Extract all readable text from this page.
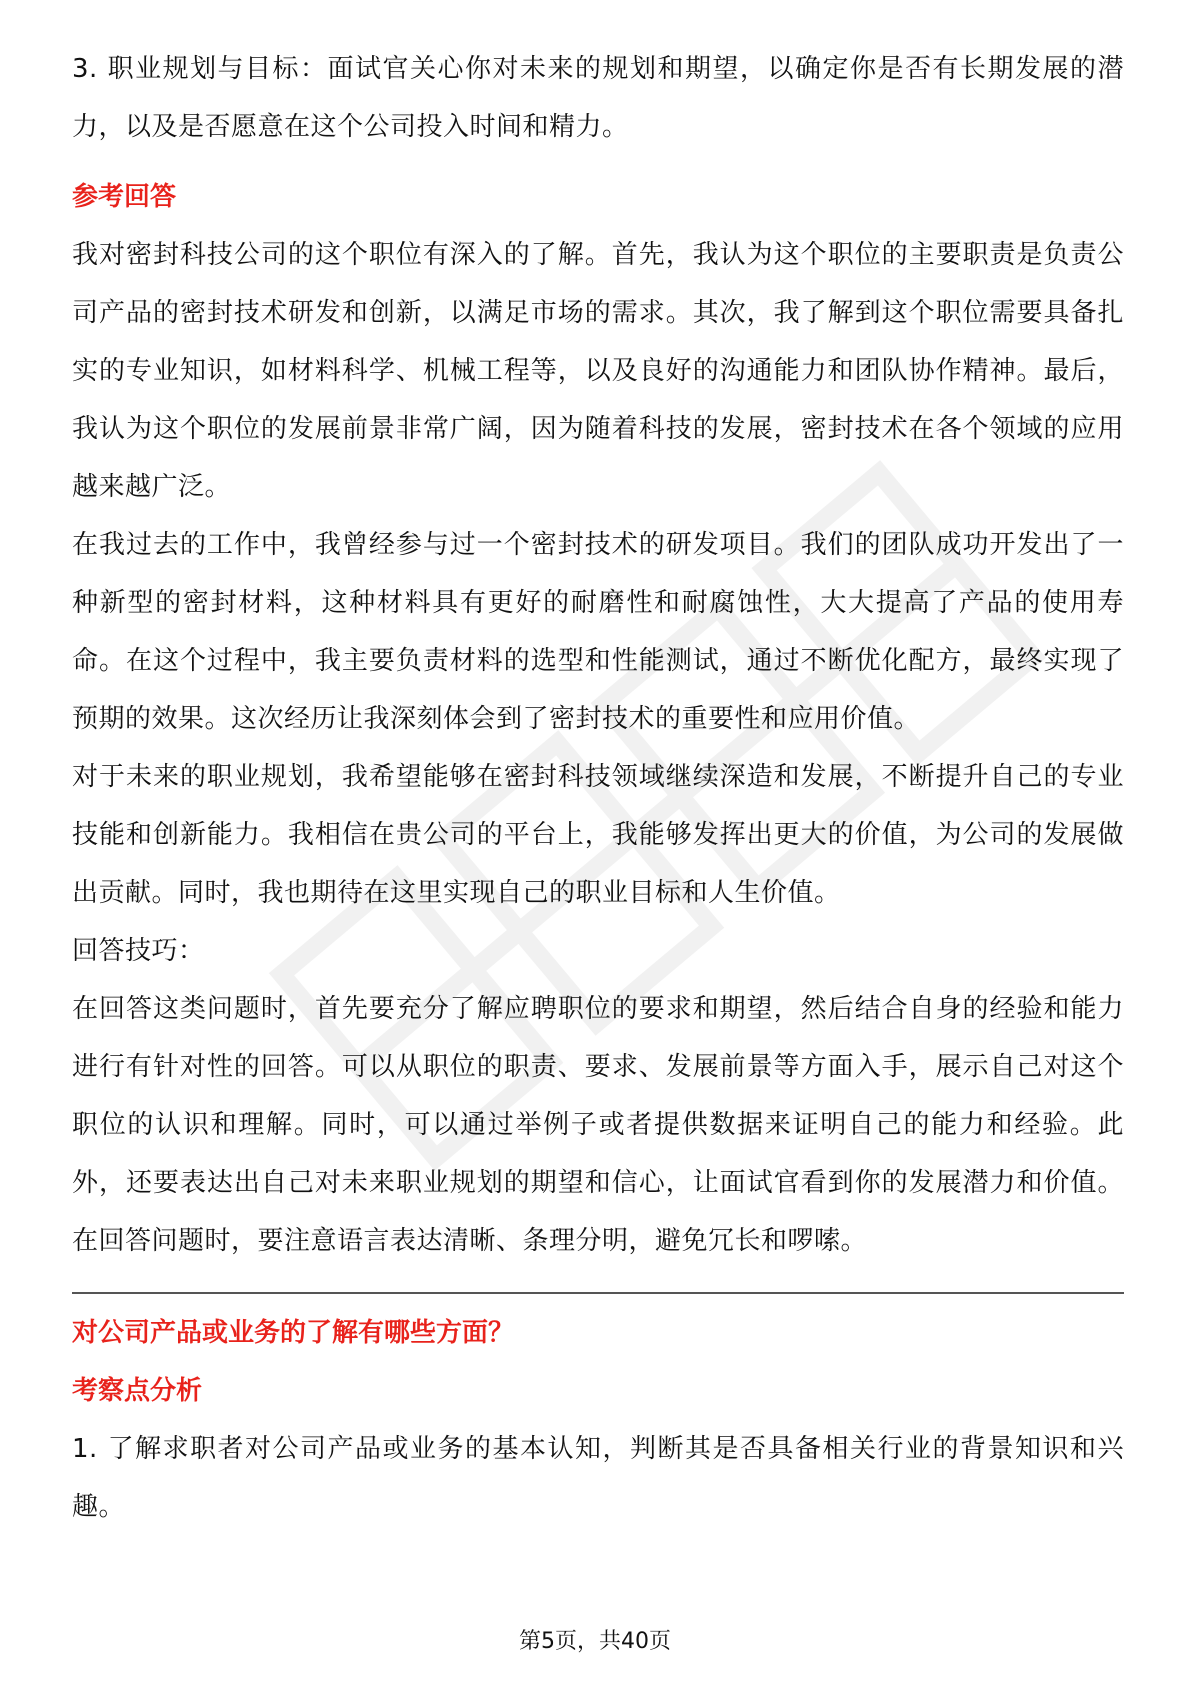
3. 职业规划与目标：面试官关心你对未来的规划和期望，以确定你是否有长期发展的潜力，以及是否愿意在这个公司投入时间和精力。

参考回答

我对密封科技公司的这个职位有深入的了解。首先，我认为这个职位的主要职责是负责公司产品的密封技术研发和创新，以满足市场的需求。其次，我了解到这个职位需要具备扎实的专业知识，如材料科学、机械工程等，以及良好的沟通能力和团队协作精神。最后，我认为这个职位的发展前景非常广阔，因为随着科技的发展，密封技术在各个领域的应用越来越广泛。

在我过去的工作中，我曾经参与过一个密封技术的研发项目。我们的团队成功开发出了一种新型的密封材料，这种材料具有更好的耐磨性和耐腐蚀性，大大提高了产品的使用寿命。在这个过程中，我主要负责材料的选型和性能测试，通过不断优化配方，最终实现了预期的效果。这次经历让我深刻体会到了密封技术的重要性和应用价值。

对于未来的职业规划，我希望能够在密封科技领域继续深造和发展，不断提升自己的专业技能和创新能力。我相信在贵公司的平台上，我能够发挥出更大的价值，为公司的发展做出贡献。同时，我也期待在这里实现自己的职业目标和人生价值。

回答技巧：

在回答这类问题时，首先要充分了解应聘职位的要求和期望，然后结合自身的经验和能力进行有针对性的回答。可以从职位的职责、要求、发展前景等方面入手，展示自己对这个职位的认识和理解。同时，可以通过举例子或者提供数据来证明自己的能力和经验。此外，还要表达出自己对未来职业规划的期望和信心，让面试官看到你的发展潜力和价值。在回答问题时，要注意语言表达清晰、条理分明，避免冗长和啰嗦。

对公司产品或业务的了解有哪些方面？
考察点分析

1. 了解求职者对公司产品或业务的基本认知，判断其是否具备相关行业的背景知识和兴趣。

第5页，共40页
